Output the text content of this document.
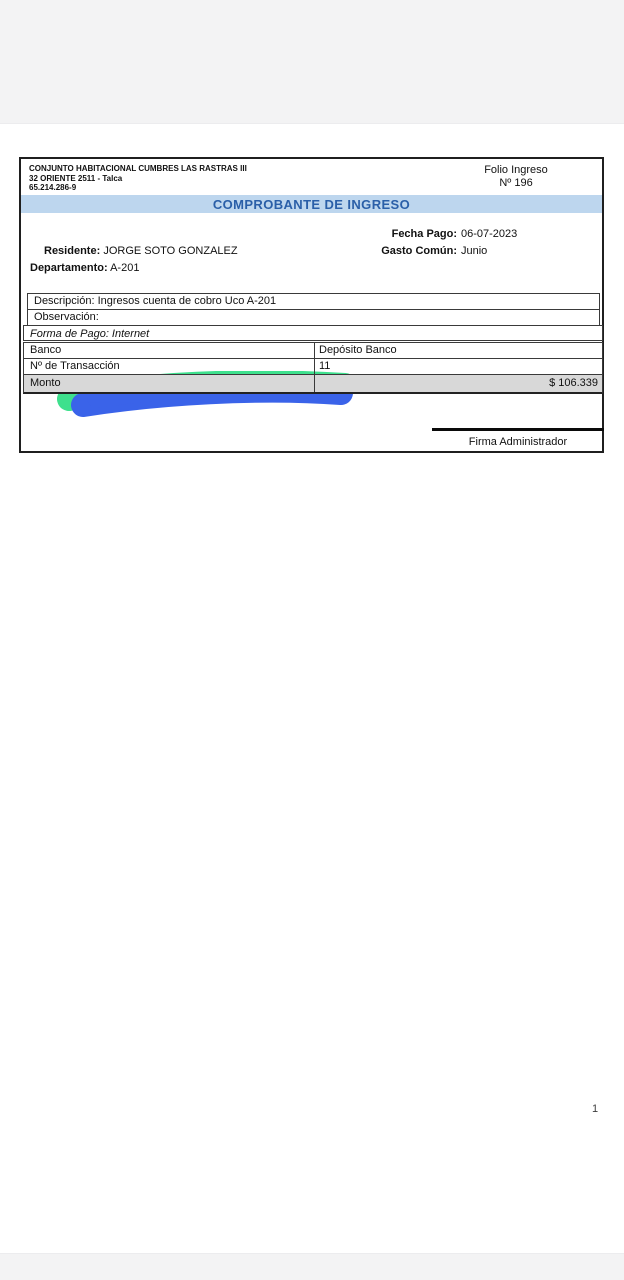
CONJUNTO HABITACIONAL CUMBRES LAS RASTRAS III
32 ORIENTE 2511 - Talca
65.214.286-9
Folio Ingreso
Nº 196
COMPROBANTE DE INGRESO
Residente: JORGE SOTO GONZALEZ
Departamento: A-201
Fecha Pago: 06-07-2023
Gasto Común: Junio
Descripción: Ingresos cuenta de cobro Uco A-201
Observación:
Forma de Pago: Internet
Banco	Depósito Banco
Nº de Transacción	11
Monto	$ 106.339
Firma Administrador
1
